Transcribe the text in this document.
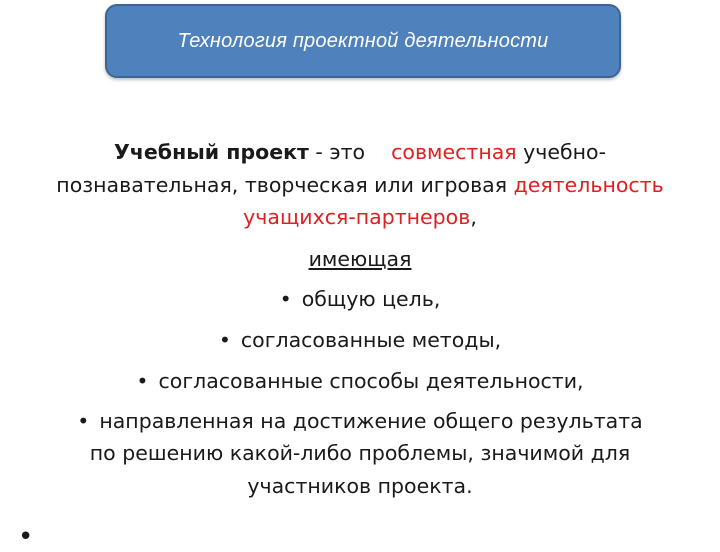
Технология проектной деятельности
Учебный проект - это    совместная учебно-
познавательная, творческая или игровая деятельность
учащихся-партнеров,
имеющая
• общую цель,
• согласованные методы,
• согласованные способы деятельности,
• направленная на достижение общего результата
по решению какой-либо проблемы, значимой для
участников проекта.
•
